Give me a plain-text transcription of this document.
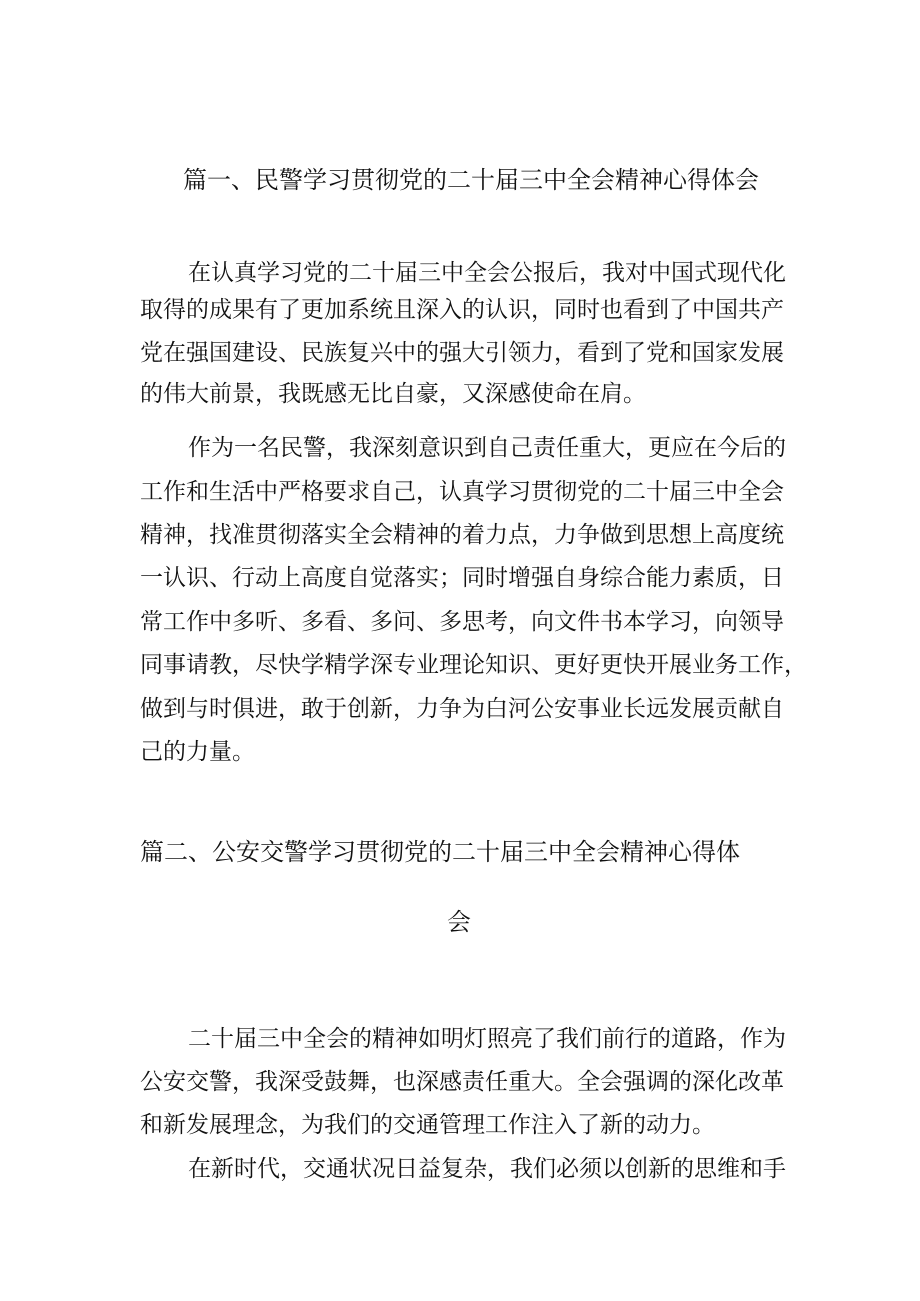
篇一、民警学习贯彻党的二十届三中全会精神心得体会
在认真学习党的二十届三中全会公报后，我对中国式现代化
取得的成果有了更加系统且深入的认识，同时也看到了中国共产
党在强国建设、民族复兴中的强大引领力，看到了党和国家发展
的伟大前景，我既感无比自豪，又深感使命在肩。
作为一名民警，我深刻意识到自己责任重大，更应在今后的
工作和生活中严格要求自己，认真学习贯彻党的二十届三中全会
精神，找准贯彻落实全会精神的着力点，力争做到思想上高度统
一认识、行动上高度自觉落实；同时增强自身综合能力素质，日
常工作中多听、多看、多问、多思考，向文件书本学习，向领导
同事请教，尽快学精学深专业理论知识、更好更快开展业务工作，
做到与时俱进，敢于创新，力争为白河公安事业长远发展贡献自
己的力量。
篇二、公安交警学习贯彻党的二十届三中全会精神心得体
会
二十届三中全会的精神如明灯照亮了我们前行的道路，作为
公安交警，我深受鼓舞，也深感责任重大。全会强调的深化改革
和新发展理念，为我们的交通管理工作注入了新的动力。
在新时代，交通状况日益复杂，我们必须以创新的思维和手
